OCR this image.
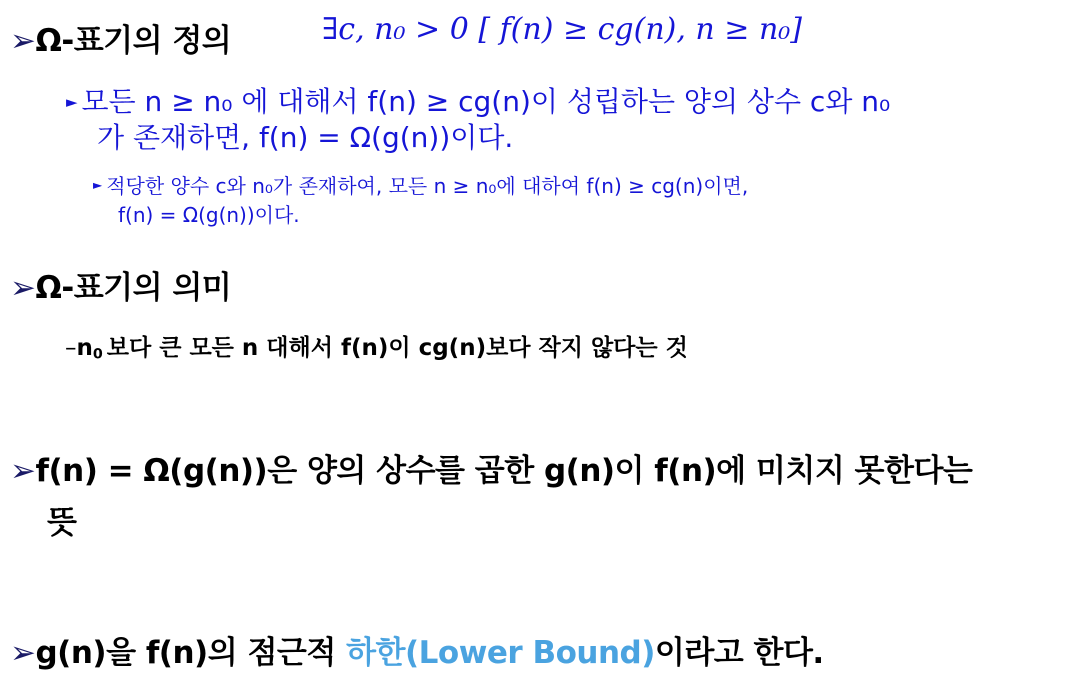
➢Ω-표기의 정의	∃c, n₀ > 0 [ f(n) ≥ cg(n), n ≥ n₀]
► 모든 n ≥ n₀ 에 대해서 f(n) ≥ cg(n)이 성립하는 양의 상수 c와 n₀
가 존재하면, f(n) = Ω(g(n))이다.
► 적당한 양수 c와 n₀가 존재하여, 모든 n ≥ n₀에 대하여 f(n) ≥ cg(n)이면,
f(n) = Ω(g(n))이다.
➢Ω-표기의 의미
$-n_0$ 보다 큰 모든 n 대해서 f(n)이 cg(n)보다 작지 않다는 것
➢f(n) = Ω(g(n))은 양의 상수를 곱한 g(n)이 f(n)에 미치지 못한다는
뜻
➢g(n)을 f(n)의 점근적 하한(Lower Bound)이라고 한다.
